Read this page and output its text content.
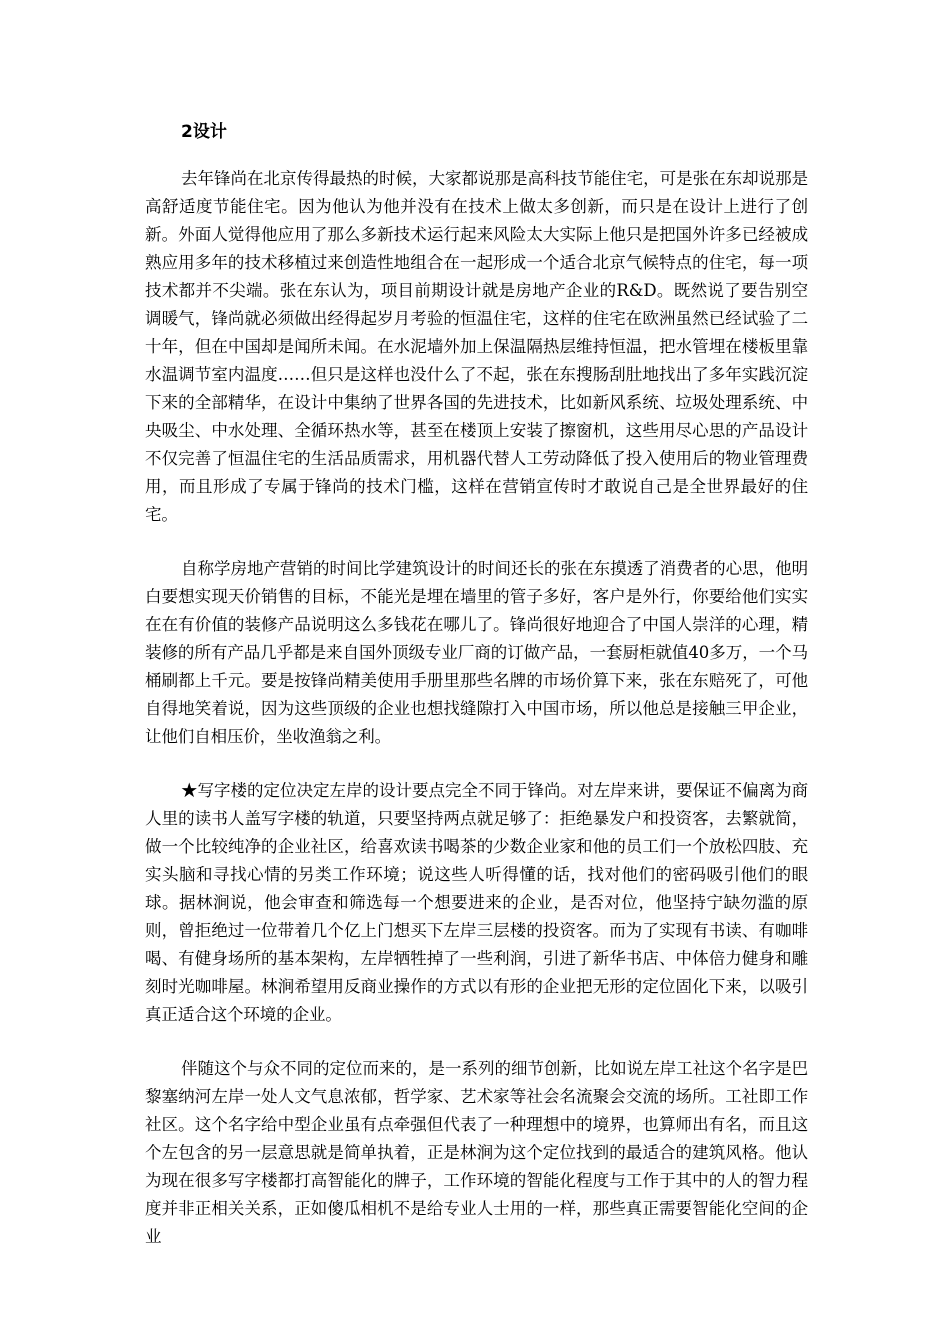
2设计

去年锋尚在北京传得最热的时候，大家都说那是高科技节能住宅，可是张在东却说那是高舒适度节能住宅。因为他认为他并没有在技术上做太多创新，而只是在设计上进行了创新。外面人觉得他应用了那么多新技术运行起来风险太大实际上他只是把国外许多已经被成熟应用多年的技术移植过来创造性地组合在一起形成一个适合北京气候特点的住宅，每一项技术都并不尖端。张在东认为，项目前期设计就是房地产企业的R&D。既然说了要告别空调暖气，锋尚就必须做出经得起岁月考验的恒温住宅，这样的住宅在欧洲虽然已经试验了二十年，但在中国却是闻所未闻。在水泥墙外加上保温隔热层维持恒温，把水管埋在楼板里靠水温调节室内温度……但只是这样也没什么了不起，张在东搜肠刮肚地找出了多年实践沉淀下来的全部精华，在设计中集纳了世界各国的先进技术，比如新风系统、垃圾处理系统、中央吸尘、中水处理、全循环热水等，甚至在楼顶上安装了擦窗机，这些用尽心思的产品设计不仅完善了恒温住宅的生活品质需求，用机器代替人工劳动降低了投入使用后的物业管理费用，而且形成了专属于锋尚的技术门槛，这样在营销宣传时才敢说自己是全世界最好的住宅。

自称学房地产营销的时间比学建筑设计的时间还长的张在东摸透了消费者的心思，他明白要想实现天价销售的目标，不能光是埋在墙里的管子多好，客户是外行，你要给他们实实在在有价值的装修产品说明这么多钱花在哪儿了。锋尚很好地迎合了中国人崇洋的心理，精装修的所有产品几乎都是来自国外顶级专业厂商的订做产品，一套厨柜就值40多万，一个马桶刷都上千元。要是按锋尚精美使用手册里那些名牌的市场价算下来，张在东赔死了，可他自得地笑着说，因为这些顶级的企业也想找缝隙打入中国市场，所以他总是接触三甲企业，让他们自相压价，坐收渔翁之利。

★写字楼的定位决定左岸的设计要点完全不同于锋尚。对左岸来讲，要保证不偏离为商人里的读书人盖写字楼的轨道，只要坚持两点就足够了：拒绝暴发户和投资客，去繁就简，做一个比较纯净的企业社区，给喜欢读书喝茶的少数企业家和他的员工们一个放松四肢、充实头脑和寻找心情的另类工作环境；说这些人听得懂的话，找对他们的密码吸引他们的眼球。据林涧说，他会审查和筛选每一个想要进来的企业，是否对位，他坚持宁缺勿滥的原则，曾拒绝过一位带着几个亿上门想买下左岸三层楼的投资客。而为了实现有书读、有咖啡喝、有健身场所的基本架构，左岸牺牲掉了一些利润，引进了新华书店、中体倍力健身和雕刻时光咖啡屋。林涧希望用反商业操作的方式以有形的企业把无形的定位固化下来，以吸引真正适合这个环境的企业。

伴随这个与众不同的定位而来的，是一系列的细节创新，比如说左岸工社这个名字是巴黎塞纳河左岸一处人文气息浓郁，哲学家、艺术家等社会名流聚会交流的场所。工社即工作社区。这个名字给中型企业虽有点牵强但代表了一种理想中的境界，也算师出有名，而且这个左包含的另一层意思就是简单执着，正是林涧为这个定位找到的最适合的建筑风格。他认为现在很多写字楼都打高智能化的牌子，工作环境的智能化程度与工作于其中的人的智力程度并非正相关关系，正如傻瓜相机不是给专业人士用的一样，那些真正需要智能化空间的企业
